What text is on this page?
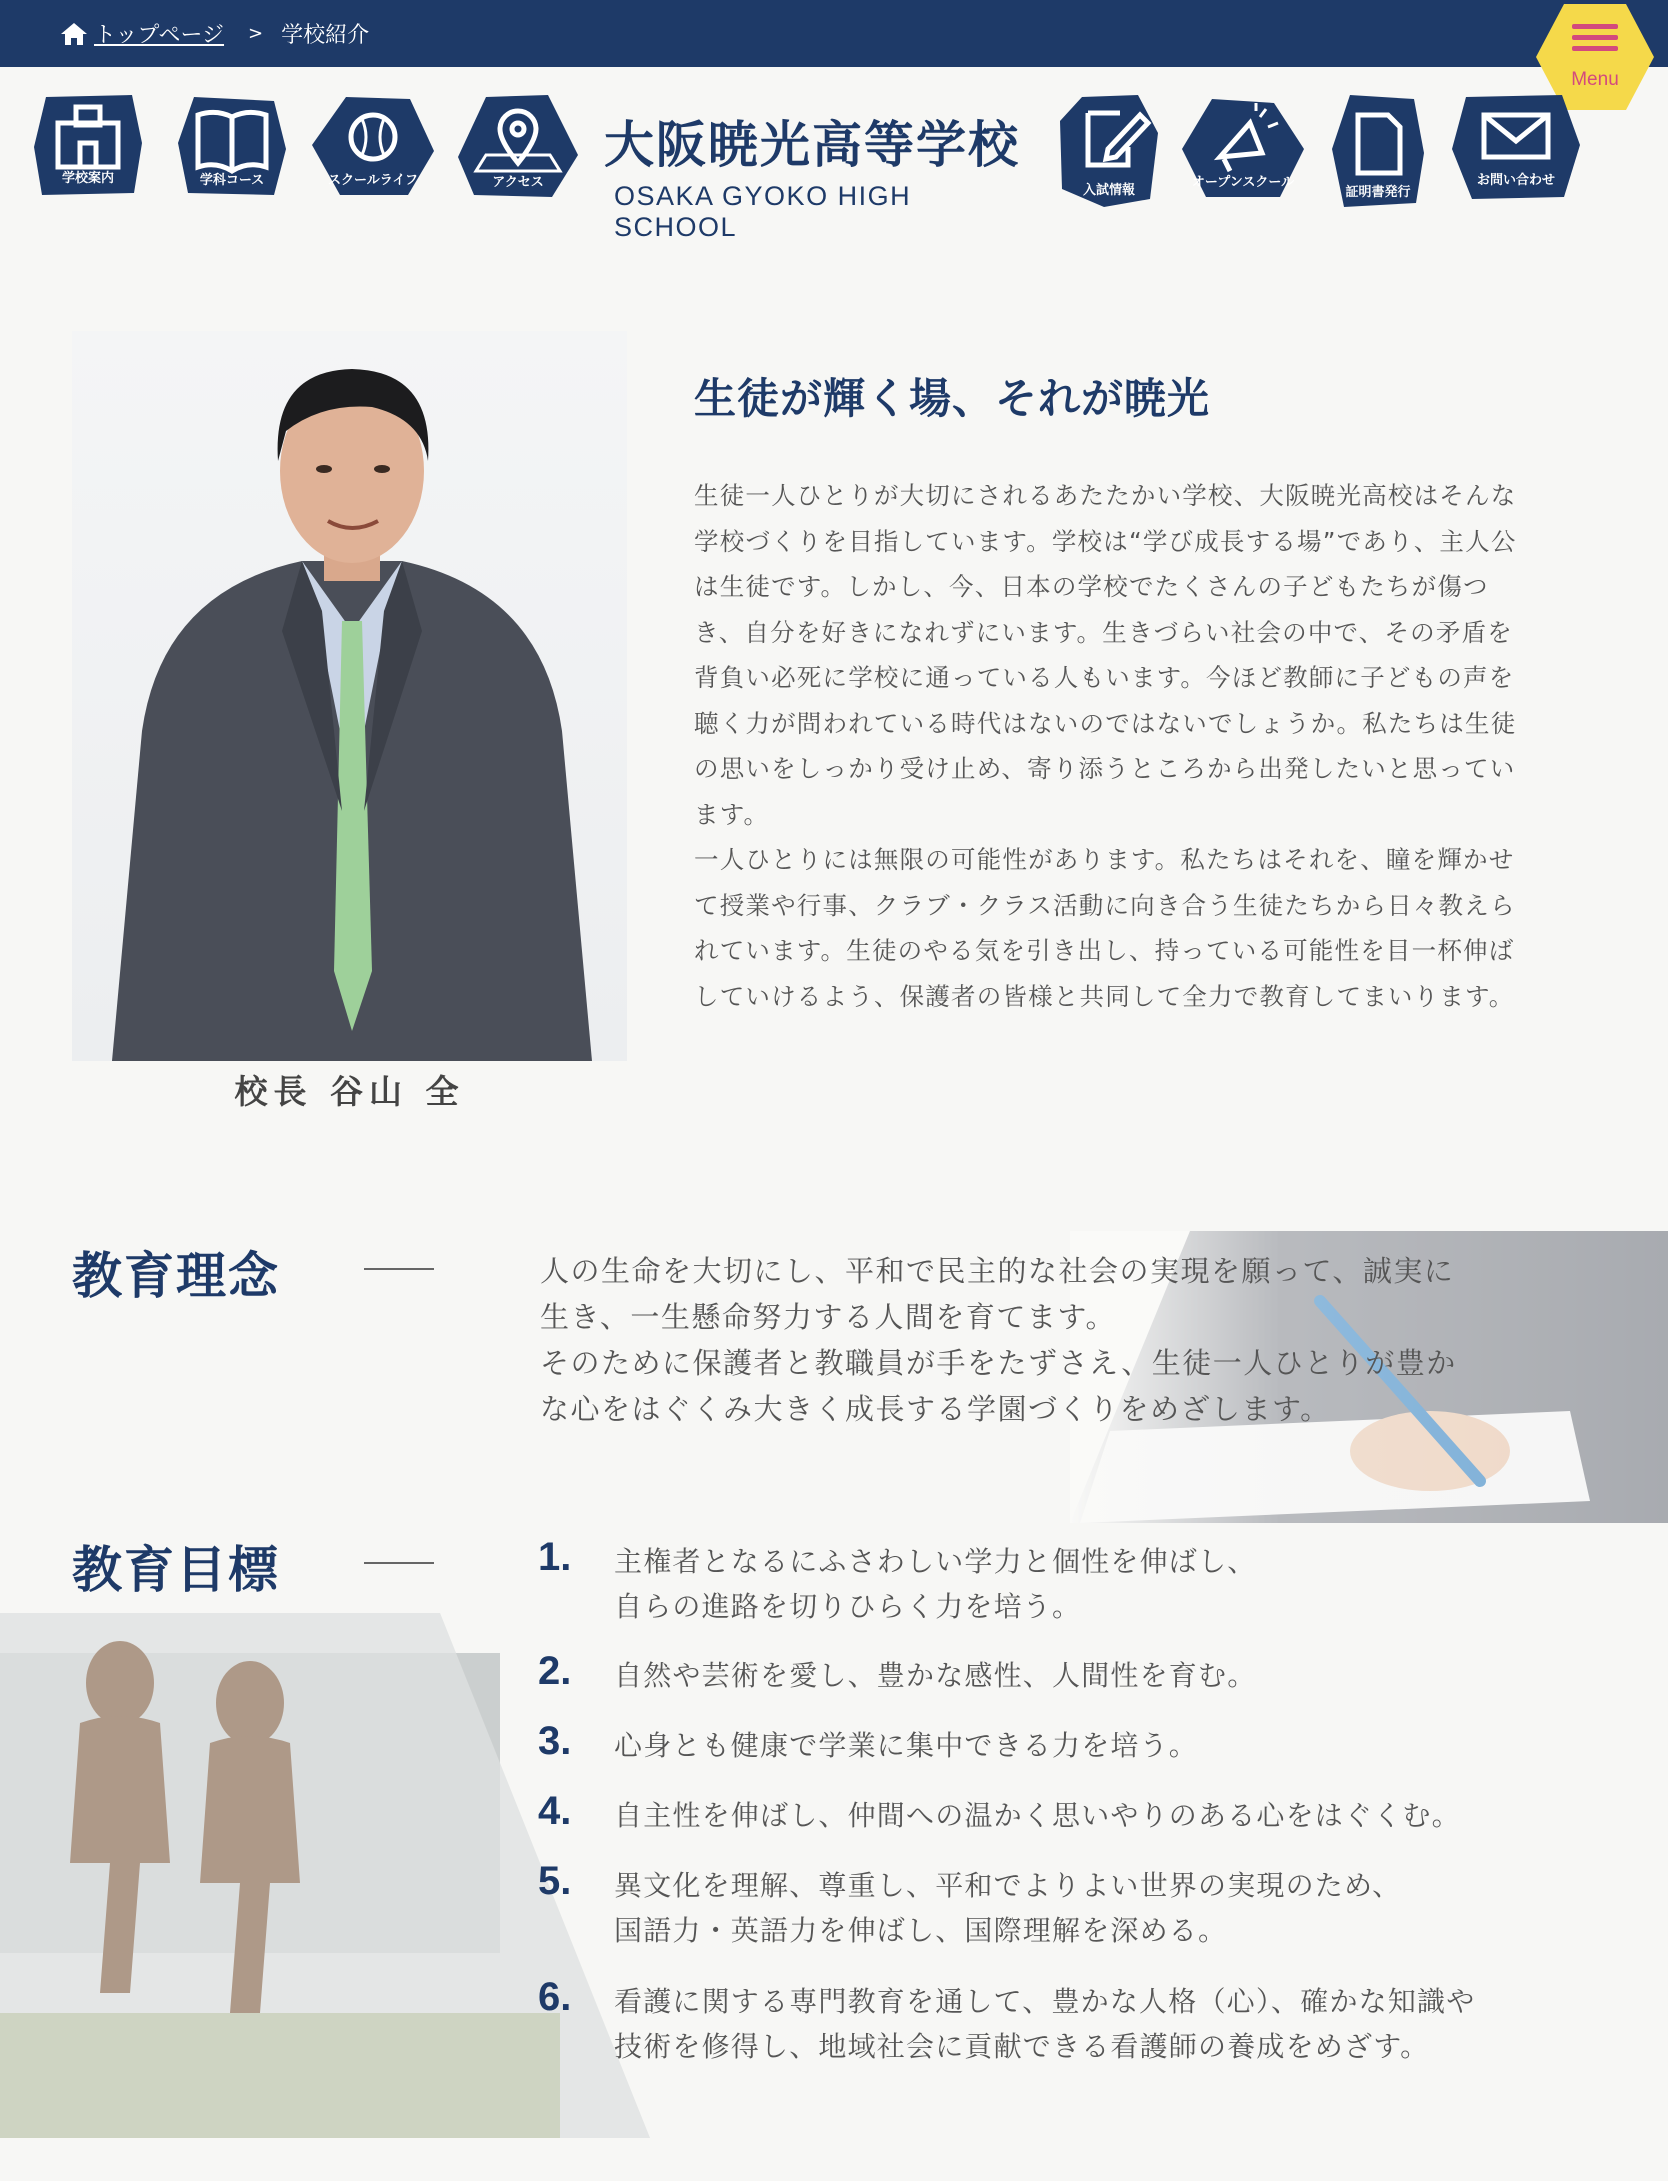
トップページ > 学校紹介
Menu
学校案内	学科コース	スクールライフ	アクセス
大阪暁光高等学校
OSAKA GYOKO HIGH SCHOOL
入試情報
オープンスクール
証明書発行
お問い合わせ
校長 谷山 全
生徒が輝く場、それが暁光

生徒一人ひとりが大切にされるあたたかい学校、大阪暁光高校はそんな学校づくりを目指しています。学校は“学び成長する場”であり、主人公は生徒です。しかし、今、日本の学校でたくさんの子どもたちが傷つき、自分を好きになれずにいます。生きづらい社会の中で、その矛盾を背負い必死に学校に通っている人もいます。今ほど教師に子どもの声を聴く力が問われている時代はないのではないでしょうか。私たちは生徒の思いをしっかり受け止め、寄り添うところから出発したいと思っています。

一人ひとりには無限の可能性があります。私たちはそれを、瞳を輝かせて授業や行事、クラブ・クラス活動に向き合う生徒たちから日々教えられています。生徒のやる気を引き出し、持っている可能性を目一杯伸ばしていけるよう、保護者の皆様と共同して全力で教育してまいります。

教育理念	人の生命を大切にし、平和で民主的な社会の実現を願って、誠実に
生き、一生懸命努力する人間を育てます。
そのために保護者と教職員が手をたずさえ、生徒一人ひとりが豊か
な心をはぐくみ大きく成長する学園づくりをめざします。
教育目標	1. 主権者となるにふさわしい学力と個性を伸ばし、
自らの進路を切りひらく力を培う。
2. 自然や芸術を愛し、豊かな感性、人間性を育む。
3. 心身とも健康で学業に集中できる力を培う。
4. 自主性を伸ばし、仲間への温かく思いやりのある心をはぐくむ。
5. 異文化を理解、尊重し、平和でよりよい世界の実現のため、
国語力・英語力を伸ばし、国際理解を深める。
6. 看護に関する専門教育を通して、豊かな人格（心）、確かな知識や
技術を修得し、地域社会に貢献できる看護師の養成をめざす。
